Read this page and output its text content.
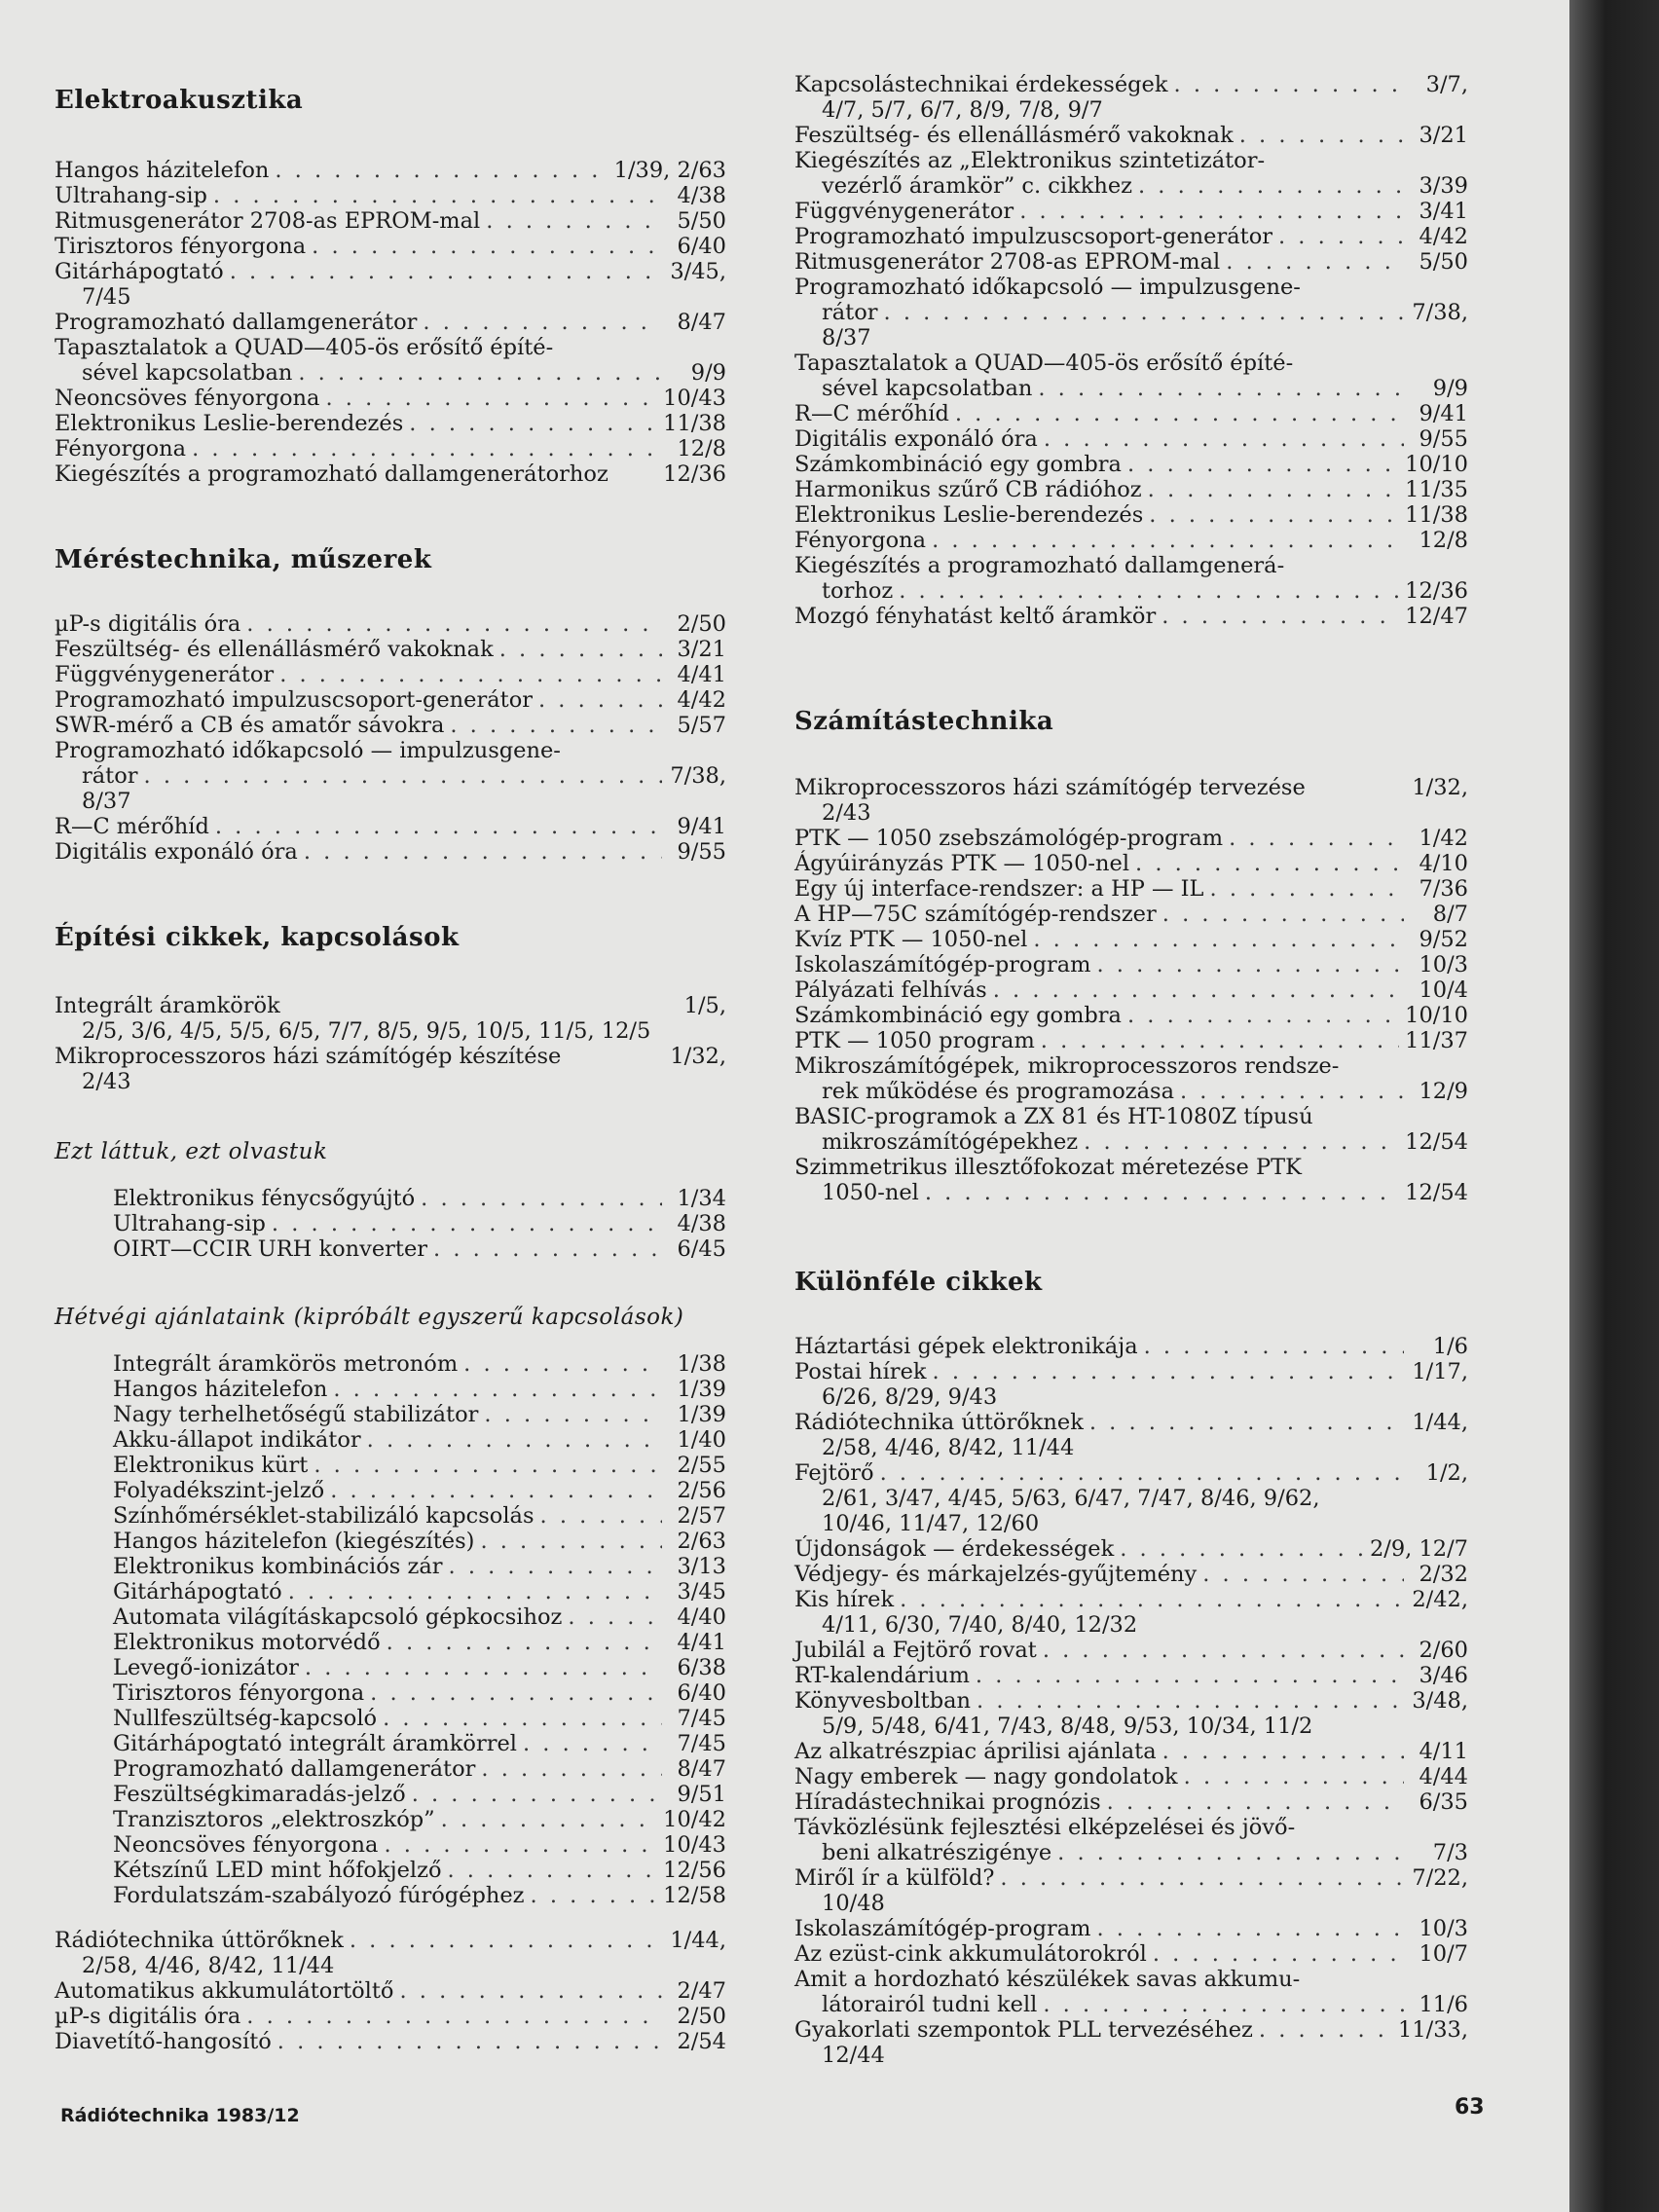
Elektroakusztika
Hangos házitelefon . . .	1/39, 2/63
Ultrahang-sip . . .	4/38
Ritmusgenerátor 2708-as EPROM-mal . . .	5/50
Tirisztoros fényorgona . . .	6/40
Gitárhápogtató . . .	3/45,
7/45
Programozható dallamgenerátor . . .	8/47
Tapasztalatok a QUAD—405-ös erősítő építé-
sével kapcsolatban . . .	9/9
Neoncsöves fényorgona . . .	10/43
Elektronikus Leslie-berendezés . . .	11/38
Fényorgona . . .	12/8
Kiegészítés a programozható dallamgenerátorhoz	12/36
Méréstechnika, műszerek
µP-s digitális óra . . .	2/50
Feszültség- és ellenállásmérő vakoknak . . .	3/21
Függvénygenerátor . . .	4/41
Programozható impulzuscsoport-generátor . . .	4/42
SWR-mérő a CB és amatőr sávokra . . .	5/57
Programozható időkapcsoló — impulzusgene-
rátor . . .	7/38,
8/37
R—C mérőhíd . . .	9/41
Digitális exponáló óra . . .	9/55
Építési cikkek, kapcsolások
Integrált áramkörök	1/5,
2/5, 3/6, 4/5, 5/5, 6/5, 7/7, 8/5, 9/5, 10/5, 11/5, 12/5
Mikroprocesszoros házi számítógép készítése	1/32,
2/43
Ezt láttuk, ezt olvastuk
Elektronikus fénycsőgyújtó . . .	1/34
Ultrahang-sip . . .	4/38
OIRT—CCIR URH konverter . . .	6/45
Hétvégi ajánlataink (kipróbált egyszerű kapcsolások)
Integrált áramkörös metronóm . . .	1/38
Hangos házitelefon . . .	1/39
Nagy terhelhetőségű stabilizátor . . .	1/39
Akku-állapot indikátor . . .	1/40
Elektronikus kürt . . .	2/55
Folyadékszint-jelző . . .	2/56
Színhőmérséklet-stabilizáló kapcsolás . . .	2/57
Hangos házitelefon (kiegészítés) . . .	2/63
Elektronikus kombinációs zár . . .	3/13
Gitárhápogtató . . .	3/45
Automata világításkapcsoló gépkocsihoz . . .	4/40
Elektronikus motorvédő . . .	4/41
Levegő-ionizátor . . .	6/38
Tirisztoros fényorgona . . .	6/40
Nullfeszültség-kapcsoló . . .	7/45
Gitárhápogtató integrált áramkörrel . . .	7/45
Programozható dallamgenerátor . . .	8/47
Feszültségkimaradás-jelző . . .	9/51
Tranzisztoros „elektroszkóp” . . .	10/42
Neoncsöves fényorgona . . .	10/43
Kétszínű LED mint hőfokjelző . . .	12/56
Fordulatszám-szabályozó fúrógéphez . . .	12/58
Rádiótechnika úttörőknek . . .	1/44,
2/58, 4/46, 8/42, 11/44
Automatikus akkumulátortöltő . . .	2/47
µP-s digitális óra . . .	2/50
Diavetítő-hangosító . . .	2/54
Kapcsolástechnikai érdekességek . . .	3/7,
4/7, 5/7, 6/7, 8/9, 7/8, 9/7
Feszültség- és ellenállásmérő vakoknak . . .	3/21
Kiegészítés az „Elektronikus szintetizátor-
vezérlő áramkör” c. cikkhez . . .	3/39
Függvénygenerátor . . .	3/41
Programozható impulzuscsoport-generátor . . .	4/42
Ritmusgenerátor 2708-as EPROM-mal . . .	5/50
Programozható időkapcsoló — impulzusgene-
rátor . . .	7/38,
8/37
Tapasztalatok a QUAD—405-ös erősítő építé-
sével kapcsolatban . . .	9/9
R—C mérőhíd . . .	9/41
Digitális exponáló óra . . .	9/55
Számkombináció egy gombra . . .	10/10
Harmonikus szűrő CB rádióhoz . . .	11/35
Elektronikus Leslie-berendezés . . .	11/38
Fényorgona . . .	12/8
Kiegészítés a programozható dallamgenerá-
torhoz . . .	12/36
Mozgó fényhatást keltő áramkör . . .	12/47
Számítástechnika
Mikroprocesszoros házi számítógép tervezése	1/32,
2/43
PTK — 1050 zsebszámológép-program . . .	1/42
Ágyúirányzás PTK — 1050-nel . . .	4/10
Egy új interface-rendszer: a HP — IL . . .	7/36
A HP—75C számítógép-rendszer . . .	8/7
Kvíz PTK — 1050-nel . . .	9/52
Iskolaszámítógép-program . . .	10/3
Pályázati felhívás . . .	10/4
Számkombináció egy gombra . . .	10/10
PTK — 1050 program . . .	11/37
Mikroszámítógépek, mikroprocesszoros rendsze-
rek működése és programozása . . .	12/9
BASIC-programok a ZX 81 és HT-1080Z típusú
mikroszámítógépekhez . . .	12/54
Szimmetrikus illesztőfokozat méretezése PTK
1050-nel . . .	12/54
Különféle cikkek
Háztartási gépek elektronikája . . .	1/6
Postai hírek . . .	1/17,
6/26, 8/29, 9/43
Rádiótechnika úttörőknek . . .	1/44,
2/58, 4/46, 8/42, 11/44
Fejtörő . . .	1/2,
2/61, 3/47, 4/45, 5/63, 6/47, 7/47, 8/46, 9/62,
10/46, 11/47, 12/60
Újdonságok — érdekességek . . .	2/9, 12/7
Védjegy- és márkajelzés-gyűjtemény . . .	2/32
Kis hírek . . .	2/42,
4/11, 6/30, 7/40, 8/40, 12/32
Jubilál a Fejtörő rovat . . .	2/60
RT-kalendárium . . .	3/46
Könyvesboltban . . .	3/48,
5/9, 5/48, 6/41, 7/43, 8/48, 9/53, 10/34, 11/2
Az alkatrészpiac áprilisi ajánlata . . .	4/11
Nagy emberek — nagy gondolatok . . .	4/44
Híradástechnikai prognózis . . .	6/35
Távközlésünk fejlesztési elképzelései és jövő-
beni alkatrészigénye . . .	7/3
Miről ír a külföld? . . .	7/22,
10/48
Iskolaszámítógép-program . . .	10/3
Az ezüst-cink akkumulátorokról . . .	10/7
Amit a hordozható készülékek savas akkumu-
látorairól tudni kell . . .	11/6
Gyakorlati szempontok PLL tervezéséhez . . .	11/33,
12/44
Rádiótechnika 1983/12	63
